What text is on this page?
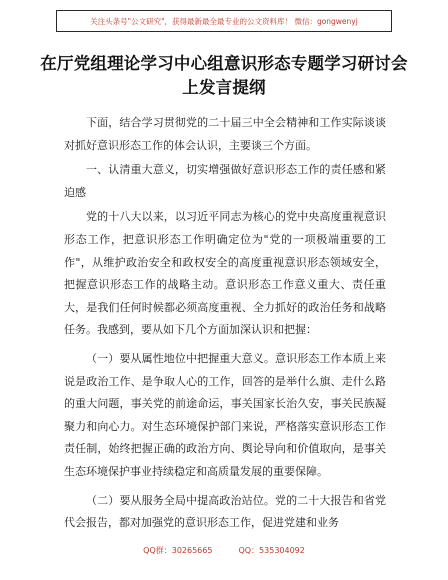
关注头条号"公文研究"，获得最新最全最专业的公文资料库！ 微信：gongwenyj
在厅党组理论学习中心组意识形态专题学习研讨会上发言提纲

下面，结合学习贯彻党的二十届三中全会精神和工作实际谈谈对抓好意识形态工作的体会认识，主要谈三个方面。

一、认清重大意义，切实增强做好意识形态工作的责任感和紧迫感

党的十八大以来，以习近平同志为核心的党中央高度重视意识形态工作，把意识形态工作明确定位为"党的一项极端重要的工作"，从维护政治安全和政权安全的高度重视意识形态领域安全，把握意识形态工作的战略主动。意识形态工作意义重大、责任重大，是我们任何时候都必须高度重视、全力抓好的政治任务和战略任务。我感到，要从如下几个方面加深认识和把握：

（一）要从属性地位中把握重大意义。意识形态工作本质上来说是政治工作、是争取人心的工作，回答的是举什么旗、走什么路的重大问题，事关党的前途命运，事关国家长治久安，事关民族凝聚力和向心力。对生态环境保护部门来说，严格落实意识形态工作责任制，始终把握正确的政治方向、舆论导向和价值取向，是事关生态环境保护事业持续稳定和高质量发展的重要保障。

（二）要从服务全局中提高政治站位。党的二十大报告和省党代会报告，都对加强党的意识形态工作，促进党建和业务

QQ群：30265665	QQ：535304092
